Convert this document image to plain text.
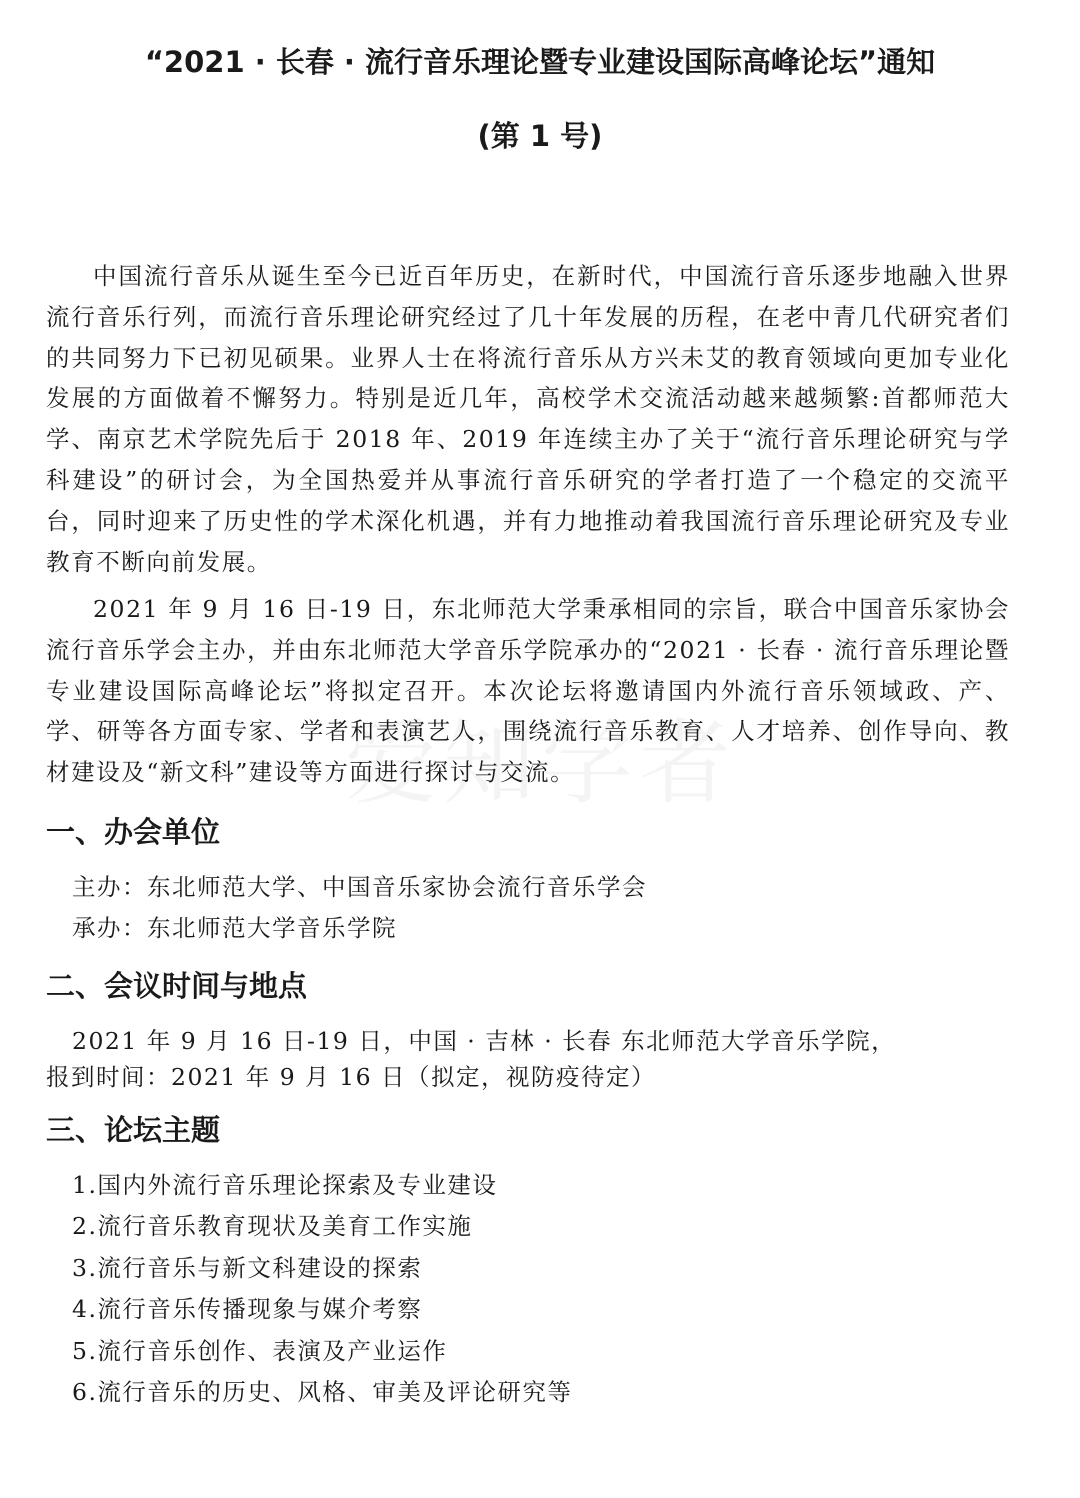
“2021 · 长春 · 流行音乐理论暨专业建设国际高峰论坛”通知
(第 1 号)

中国流行音乐从诞生至今已近百年历史，在新时代，中国流行音乐逐步地融入世界流行音乐行列，而流行音乐理论研究经过了几十年发展的历程，在老中青几代研究者们的共同努力下已初见硕果。业界人士在将流行音乐从方兴未艾的教育领域向更加专业化发展的方面做着不懈努力。特别是近几年，高校学术交流活动越来越频繁:首都师范大学、南京艺术学院先后于 2018 年、2019 年连续主办了关于“流行音乐理论研究与学科建设”的研讨会，为全国热爱并从事流行音乐研究的学者打造了一个稳定的交流平台，同时迎来了历史性的学术深化机遇，并有力地推动着我国流行音乐理论研究及专业教育不断向前发展。

2021 年 9 月 16 日-19 日，东北师范大学秉承相同的宗旨，联合中国音乐家协会流行音乐学会主办，并由东北师范大学音乐学院承办的“2021 · 长春 · 流行音乐理论暨专业建设国际高峰论坛”将拟定召开。本次论坛将邀请国内外流行音乐领域政、产、学、研等各方面专家、学者和表演艺人，围绕流行音乐教育、人才培养、创作导向、教材建设及“新文科”建设等方面进行探讨与交流。

一、办会单位

主办：东北师范大学、中国音乐家协会流行音乐学会

承办：东北师范大学音乐学院

二、会议时间与地点

2021 年 9 月 16 日-19 日，中国 · 吉林 · 长春 东北师范大学音乐学院，

报到时间：2021 年 9 月 16 日（拟定，视防疫待定）

三、论坛主题

1.国内外流行音乐理论探索及专业建设

2.流行音乐教育现状及美育工作实施

3.流行音乐与新文科建设的探索

4.流行音乐传播现象与媒介考察

5.流行音乐创作、表演及产业运作

6.流行音乐的历史、风格、审美及评论研究等
